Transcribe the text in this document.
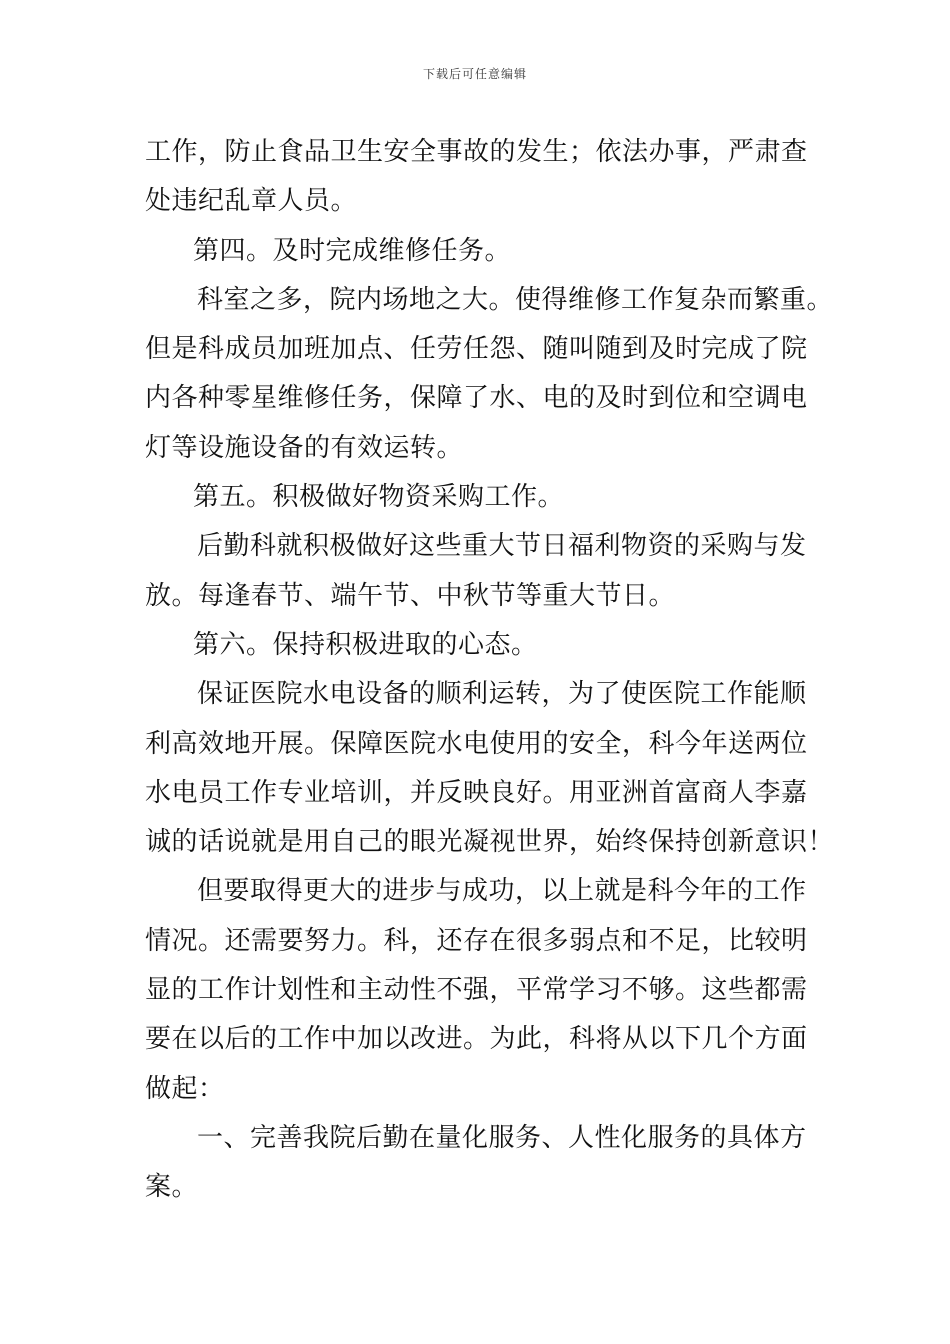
下载后可任意编辑
工作，防止食品卫生安全事故的发生；依法办事，严肃查
处违纪乱章人员。
第四。及时完成维修任务。
科室之多，院内场地之大。使得维修工作复杂而繁重。
但是科成员加班加点、任劳任怨、随叫随到及时完成了院
内各种零星维修任务，保障了水、电的及时到位和空调电
灯等设施设备的有效运转。
第五。积极做好物资采购工作。
后勤科就积极做好这些重大节日福利物资的采购与发
放。每逢春节、端午节、中秋节等重大节日。
第六。保持积极进取的心态。
保证医院水电设备的顺利运转，为了使医院工作能顺
利高效地开展。保障医院水电使用的安全，科今年送两位
水电员工作专业培训，并反映良好。用亚洲首富商人李嘉
诚的话说就是用自己的眼光凝视世界，始终保持创新意识！
但要取得更大的进步与成功，以上就是科今年的工作
情况。还需要努力。科，还存在很多弱点和不足，比较明
显的工作计划性和主动性不强，平常学习不够。这些都需
要在以后的工作中加以改进。为此，科将从以下几个方面
做起：
一、完善我院后勤在量化服务、人性化服务的具体方
案。
